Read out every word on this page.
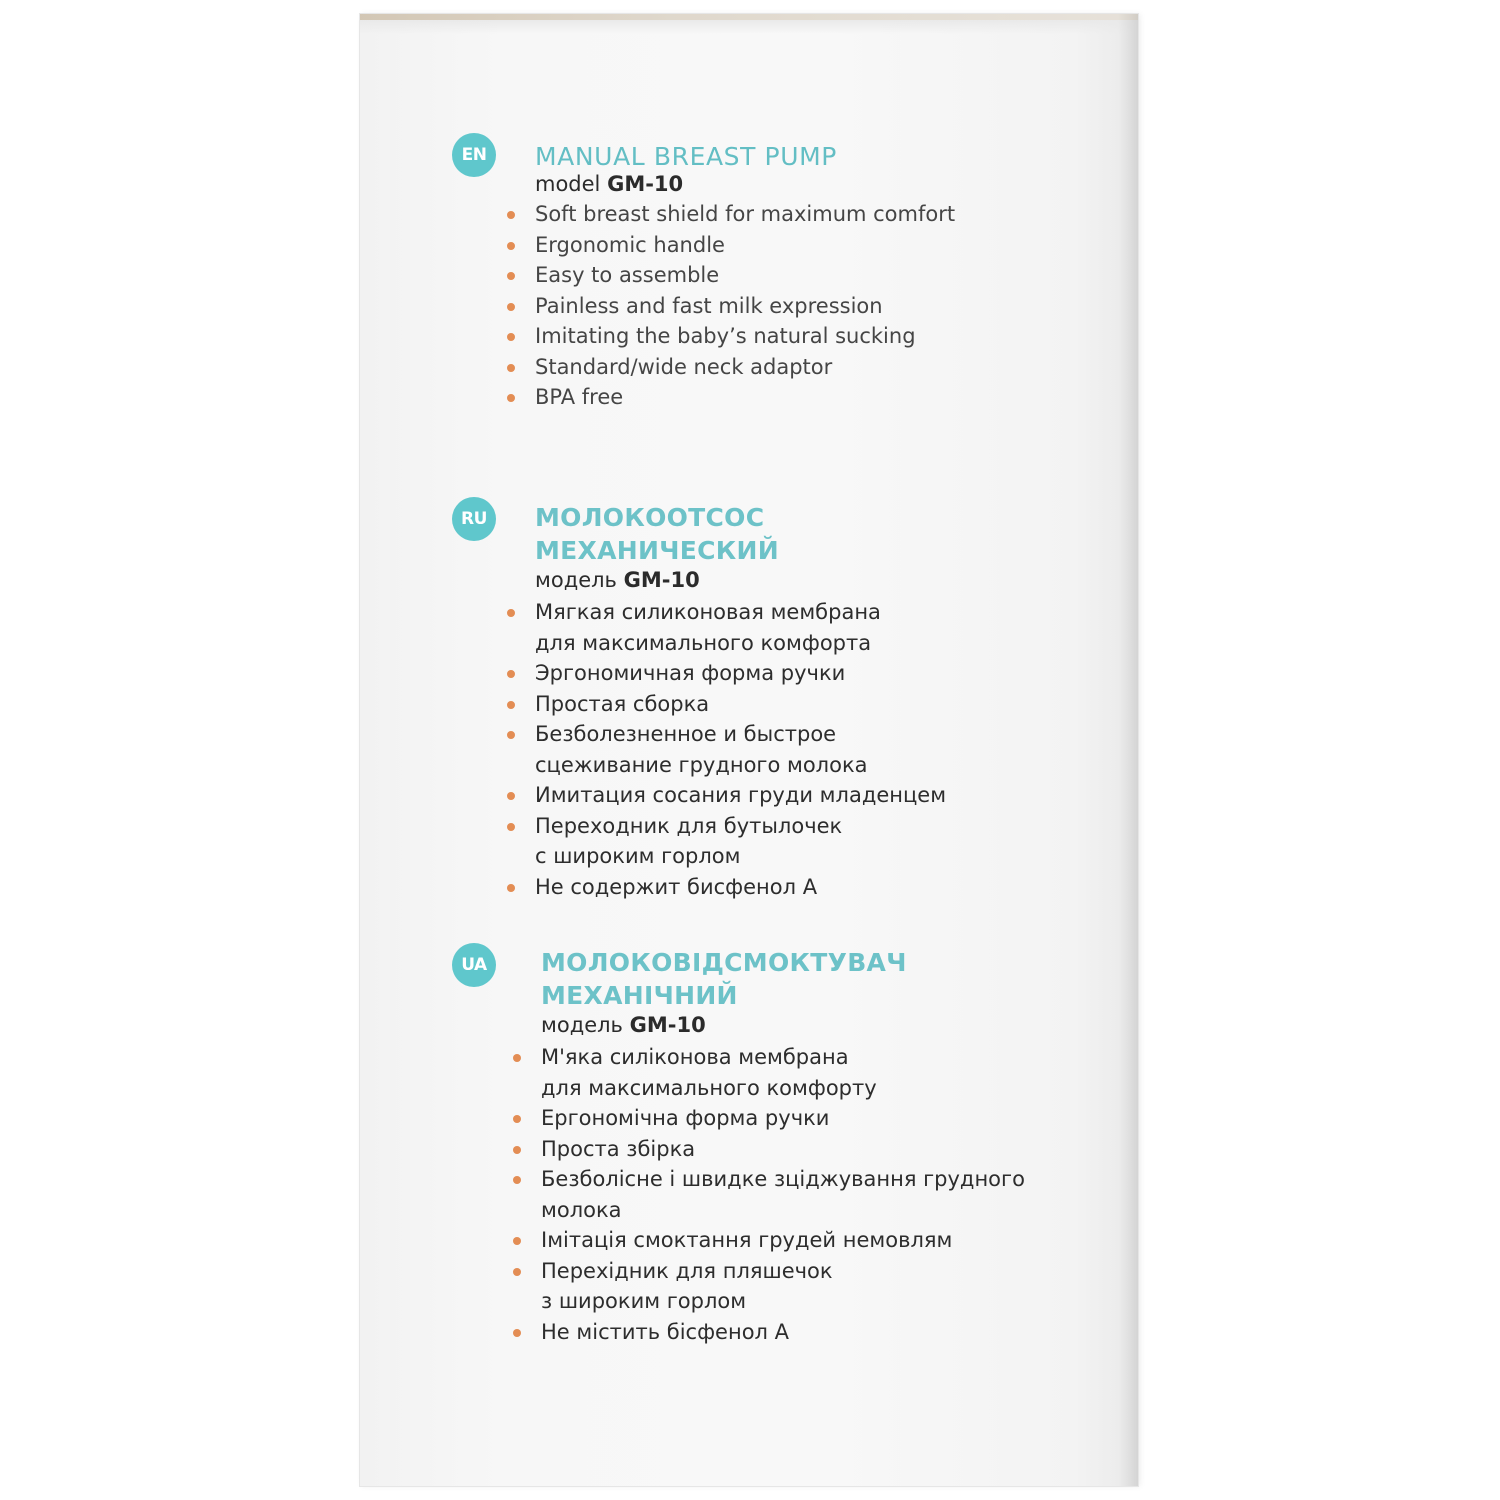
EN	MANUAL BREAST PUMP
model GM-10
Soft breast shield for maximum comfort
Ergonomic handle
Easy to assemble
Painless and fast milk expression
Imitating the baby’s natural sucking
Standard/wide neck adaptor
BPA free
RU	МОЛОКООТСОС
МЕХАНИЧЕСКИЙ
модель GM-10
Мягкая силиконовая мембрана
для максимального комфорта
Эргономичная форма ручки
Простая сборка
Безболезненное и быстрое
сцеживание грудного молока
Имитация сосания груди младенцем
Переходник для бутылочек
с широким горлом
Не содержит бисфенол А
UA	МОЛОКОВІДСМОКТУВАЧ
МЕХАНІЧНИЙ
модель GM-10
М'яка силіконова мембрана
для максимального комфорту
Ергономічна форма ручки
Проста збірка
Безболісне і швидке зціджування грудного
молока
Імітація смоктання грудей немовлям
Перехідник для пляшечок
з широким горлом
Не містить бісфенол А
